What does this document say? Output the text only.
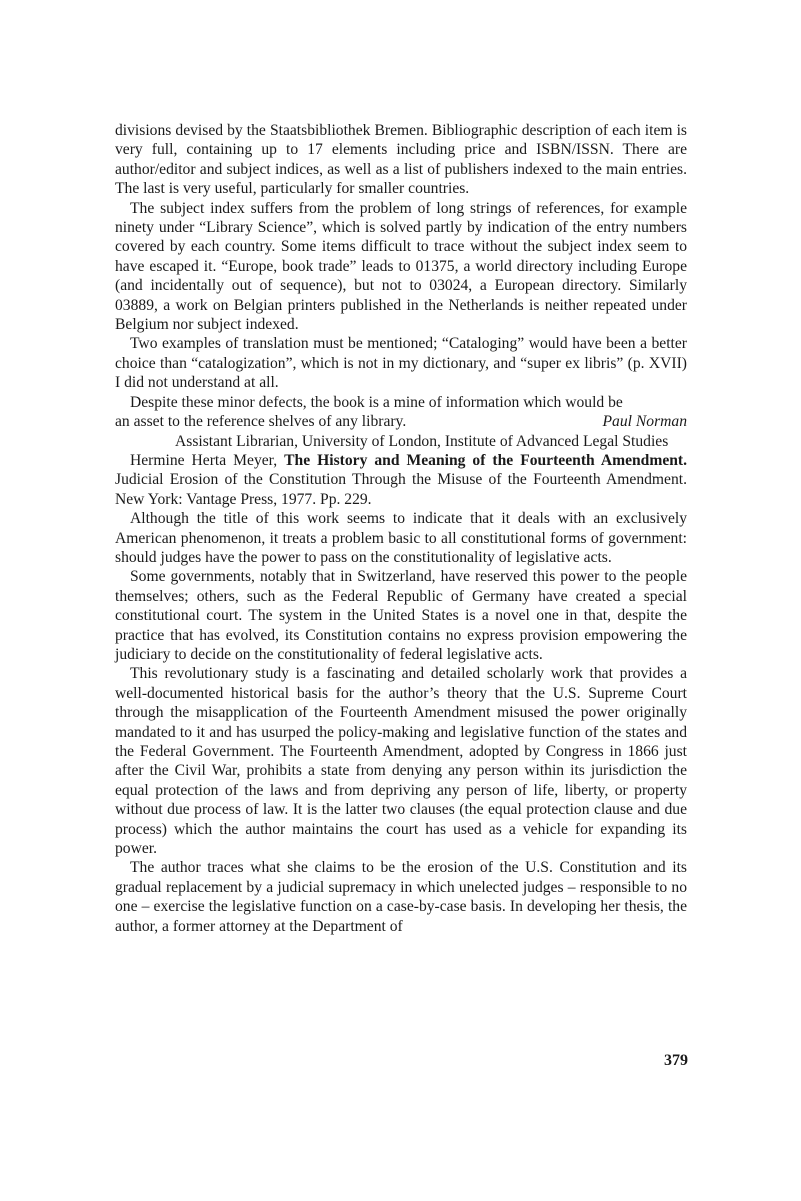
divisions devised by the Staatsbibliothek Bremen. Bibliographic description of each item is very full, containing up to 17 elements including price and ISBN/ISSN. There are author/editor and subject indices, as well as a list of publishers indexed to the main entries. The last is very useful, particularly for smaller countries.

The subject index suffers from the problem of long strings of references, for example ninety under “Library Science”, which is solved partly by indication of the entry numbers covered by each country. Some items difficult to trace without the subject index seem to have escaped it. “Europe, book trade” leads to 01375, a world directory including Europe (and incidentally out of sequence), but not to 03024, a European directory. Similarly 03889, a work on Belgian printers published in the Netherlands is neither repeated under Belgium nor subject indexed.

Two examples of translation must be mentioned; “Cataloging” would have been a better choice than “catalogization”, which is not in my dictionary, and “super ex libris” (p. XVII) I did not understand at all.

Despite these minor defects, the book is a mine of information which would be

an asset to the reference shelves of any library.	Paul Norman

Assistant Librarian, University of London, Institute of Advanced Legal Studies

Hermine Herta Meyer, The History and Meaning of the Fourteenth Amendment. Judicial Erosion of the Constitution Through the Misuse of the Fourteenth Amendment. New York: Vantage Press, 1977. Pp. 229.

Although the title of this work seems to indicate that it deals with an exclusively American phenomenon, it treats a problem basic to all constitutional forms of government: should judges have the power to pass on the constitutionality of legislative acts.

Some governments, notably that in Switzerland, have reserved this power to the people themselves; others, such as the Federal Republic of Germany have created a special constitutional court. The system in the United States is a novel one in that, despite the practice that has evolved, its Constitution contains no express provision empowering the judiciary to decide on the constitutionality of federal legislative acts.

This revolutionary study is a fascinating and detailed scholarly work that provides a well-documented historical basis for the author’s theory that the U.S. Supreme Court through the misapplication of the Fourteenth Amendment misused the power originally mandated to it and has usurped the policy-making and legislative function of the states and the Federal Government. The Fourteenth Amendment, adopted by Congress in 1866 just after the Civil War, prohibits a state from denying any person within its jurisdiction the equal protection of the laws and from depriving any person of life, liberty, or property without due process of law. It is the latter two clauses (the equal protection clause and due process) which the author maintains the court has used as a vehicle for expanding its power.

The author traces what she claims to be the erosion of the U.S. Constitution and its gradual replacement by a judicial supremacy in which unelected judges – responsible to no one – exercise the legislative function on a case-by-case basis. In developing her thesis, the author, a former attorney at the Department of

379
